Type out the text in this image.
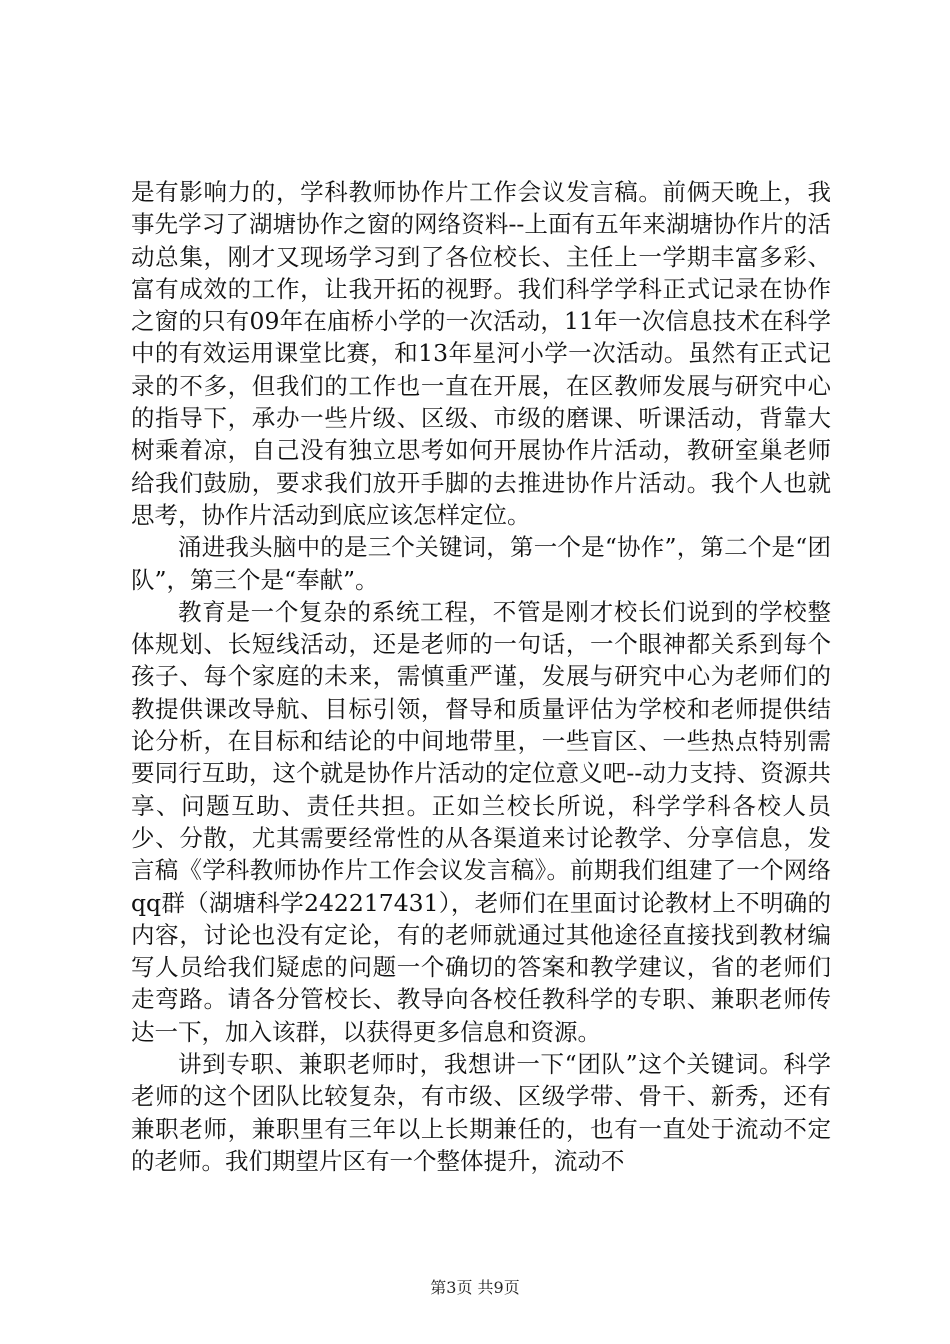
是有影响力的，学科教师协作片工作会议发言稿。前俩天晚上，我事先学习了湖塘协作之窗的网络资料--上面有五年来湖塘协作片的活动总集，刚才又现场学习到了各位校长、主任上一学期丰富多彩、富有成效的工作，让我开拓的视野。我们科学学科正式记录在协作之窗的只有09年在庙桥小学的一次活动，11年一次信息技术在科学中的有效运用课堂比赛，和13年星河小学一次活动。虽然有正式记录的不多，但我们的工作也一直在开展，在区教师发展与研究中心的指导下，承办一些片级、区级、市级的磨课、听课活动，背靠大树乘着凉，自己没有独立思考如何开展协作片活动，教研室巢老师给我们鼓励，要求我们放开手脚的去推进协作片活动。我个人也就思考，协作片活动到底应该怎样定位。

涌进我头脑中的是三个关键词，第一个是“协作”，第二个是“团队”，第三个是“奉献”。

教育是一个复杂的系统工程，不管是刚才校长们说到的学校整体规划、长短线活动，还是老师的一句话，一个眼神都关系到每个孩子、每个家庭的未来，需慎重严谨，发展与研究中心为老师们的教提供课改导航、目标引领，督导和质量评估为学校和老师提供结论分析，在目标和结论的中间地带里，一些盲区、一些热点特别需要同行互助，这个就是协作片活动的定位意义吧--动力支持、资源共享、问题互助、责任共担。正如兰校长所说，科学学科各校人员少、分散，尤其需要经常性的从各渠道来讨论教学、分享信息，发言稿《学科教师协作片工作会议发言稿》。前期我们组建了一个网络qq群（湖塘科学242217431），老师们在里面讨论教材上不明确的内容，讨论也没有定论，有的老师就通过其他途径直接找到教材编写人员给我们疑虑的问题一个确切的答案和教学建议，省的老师们走弯路。请各分管校长、教导向各校任教科学的专职、兼职老师传达一下，加入该群，以获得更多信息和资源。

讲到专职、兼职老师时，我想讲一下“团队”这个关键词。科学老师的这个团队比较复杂，有市级、区级学带、骨干、新秀，还有兼职老师，兼职里有三年以上长期兼任的，也有一直处于流动不定的老师。我们期望片区有一个整体提升，流动不

第3页 共9页
